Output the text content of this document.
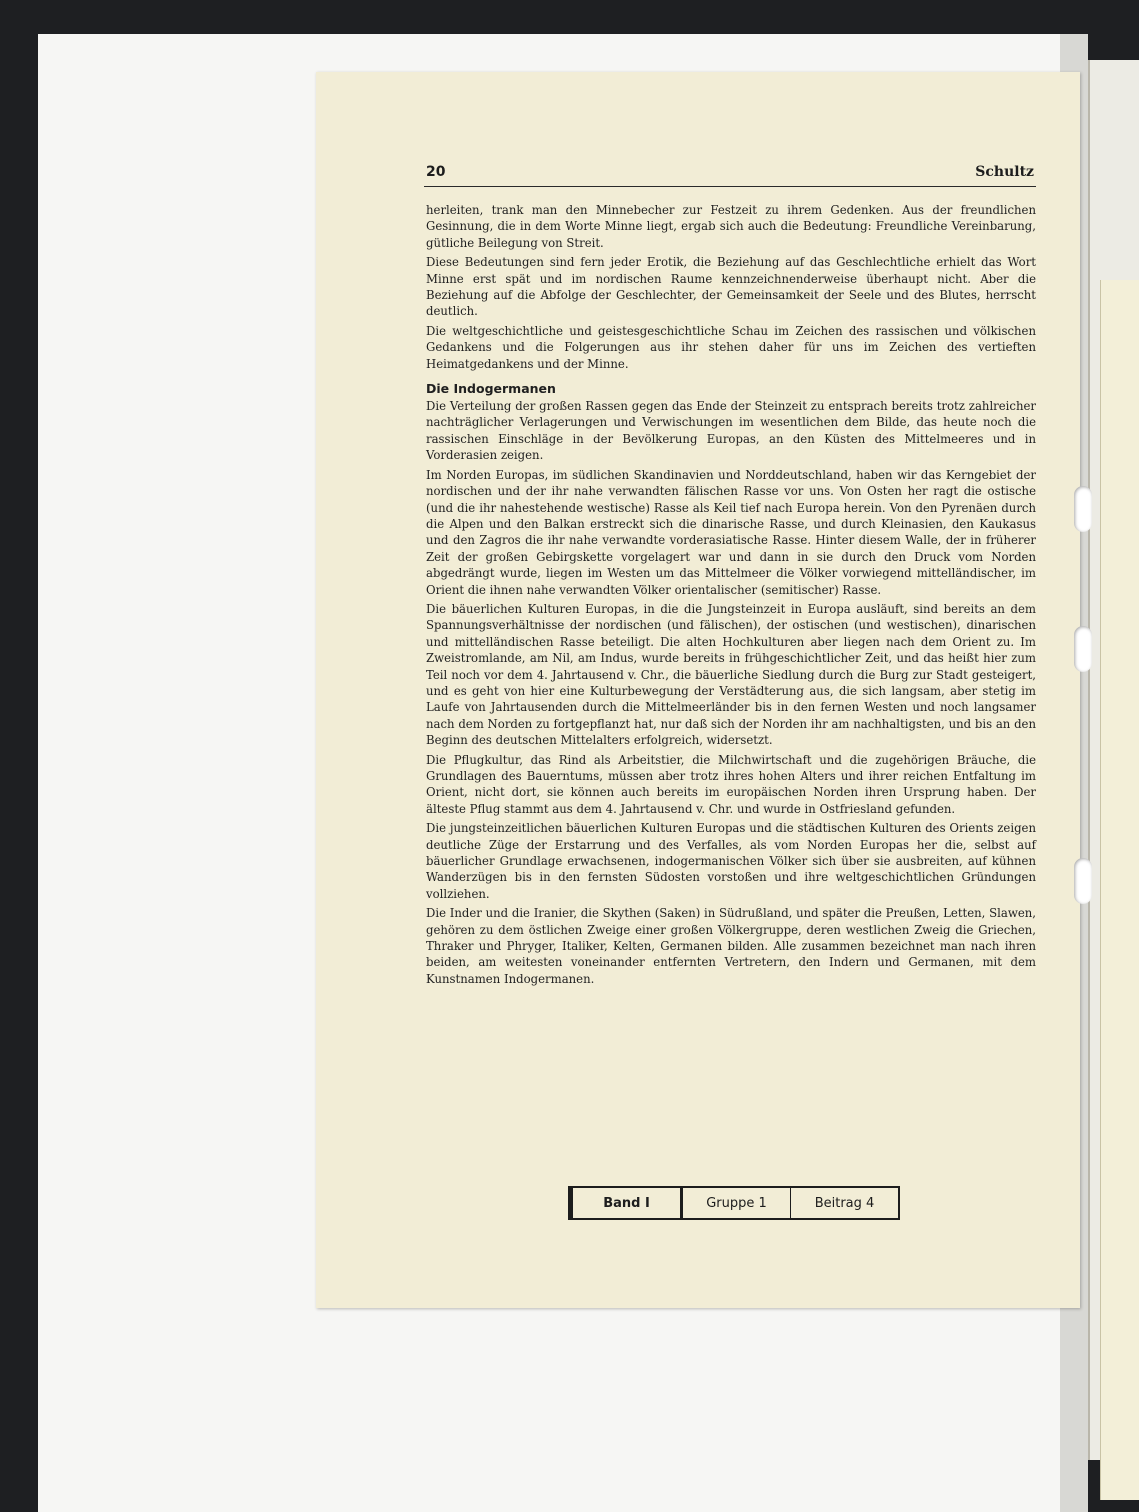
20	Schultz

herleiten, trank man den Minnebecher zur Festzeit zu ihrem Gedenken. Aus der freundlichen Gesinnung, die in dem Worte Minne liegt, ergab sich auch die Bedeutung: Freundliche Vereinbarung, gütliche Beilegung von Streit.

Diese Bedeutungen sind fern jeder Erotik, die Beziehung auf das Geschlechtliche erhielt das Wort Minne erst spät und im nordischen Raume kennzeichnenderweise überhaupt nicht. Aber die Beziehung auf die Abfolge der Geschlechter, der Gemeinsamkeit der Seele und des Blutes, herrscht deutlich.

Die weltgeschichtliche und geistesgeschichtliche Schau im Zeichen des rassischen und völkischen Gedankens und die Folgerungen aus ihr stehen daher für uns im Zeichen des vertieften Heimatgedankens und der Minne.

Die Indogermanen

Die Verteilung der großen Rassen gegen das Ende der Steinzeit zu entsprach bereits trotz zahlreicher nachträglicher Verlagerungen und Verwischungen im wesentlichen dem Bilde, das heute noch die rassischen Einschläge in der Bevölkerung Europas, an den Küsten des Mittelmeeres und in Vorderasien zeigen.

Im Norden Europas, im südlichen Skandinavien und Norddeutschland, haben wir das Kerngebiet der nordischen und der ihr nahe verwandten fälischen Rasse vor uns. Von Osten her ragt die ostische (und die ihr nahestehende westische) Rasse als Keil tief nach Europa herein. Von den Pyrenäen durch die Alpen und den Balkan erstreckt sich die dinarische Rasse, und durch Kleinasien, den Kaukasus und den Zagros die ihr nahe verwandte vorderasiatische Rasse. Hinter diesem Walle, der in früherer Zeit der großen Gebirgskette vorgelagert war und dann in sie durch den Druck vom Norden abgedrängt wurde, liegen im Westen um das Mittelmeer die Völker vorwiegend mittelländischer, im Orient die ihnen nahe verwandten Völker orientalischer (semitischer) Rasse.

Die bäuerlichen Kulturen Europas, in die die Jungsteinzeit in Europa ausläuft, sind bereits an dem Spannungsverhältnisse der nordischen (und fälischen), der ostischen (und westischen), dinarischen und mittelländischen Rasse beteiligt. Die alten Hochkulturen aber liegen nach dem Orient zu. Im Zweistromlande, am Nil, am Indus, wurde bereits in frühgeschichtlicher Zeit, und das heißt hier zum Teil noch vor dem 4. Jahrtausend v. Chr., die bäuerliche Siedlung durch die Burg zur Stadt gesteigert, und es geht von hier eine Kulturbewegung der Verstädterung aus, die sich langsam, aber stetig im Laufe von Jahrtausenden durch die Mittelmeerländer bis in den fernen Westen und noch langsamer nach dem Norden zu fortgepflanzt hat, nur daß sich der Norden ihr am nachhaltigsten, und bis an den Beginn des deutschen Mittelalters erfolgreich, widersetzt.

Die Pflugkultur, das Rind als Arbeitstier, die Milchwirtschaft und die zugehörigen Bräuche, die Grundlagen des Bauerntums, müssen aber trotz ihres hohen Alters und ihrer reichen Entfaltung im Orient, nicht dort, sie können auch bereits im europäischen Norden ihren Ursprung haben. Der älteste Pflug stammt aus dem 4. Jahrtausend v. Chr. und wurde in Ostfriesland gefunden.

Die jungsteinzeitlichen bäuerlichen Kulturen Europas und die städtischen Kulturen des Orients zeigen deutliche Züge der Erstarrung und des Verfalles, als vom Norden Europas her die, selbst auf bäuerlicher Grundlage erwachsenen, indogermanischen Völker sich über sie ausbreiten, auf kühnen Wanderzügen bis in den fernsten Südosten vorstoßen und ihre weltgeschichtlichen Gründungen vollziehen.

Die Inder und die Iranier, die Skythen (Saken) in Südrußland, und später die Preußen, Letten, Slawen, gehören zu dem östlichen Zweige einer großen Völkergruppe, deren westlichen Zweig die Griechen, Thraker und Phryger, Italiker, Kelten, Germanen bilden. Alle zusammen bezeichnet man nach ihren beiden, am weitesten voneinander entfernten Vertretern, den Indern und Germanen, mit dem Kunstnamen Indogermanen.

Band I	Gruppe 1	Beitrag 4
